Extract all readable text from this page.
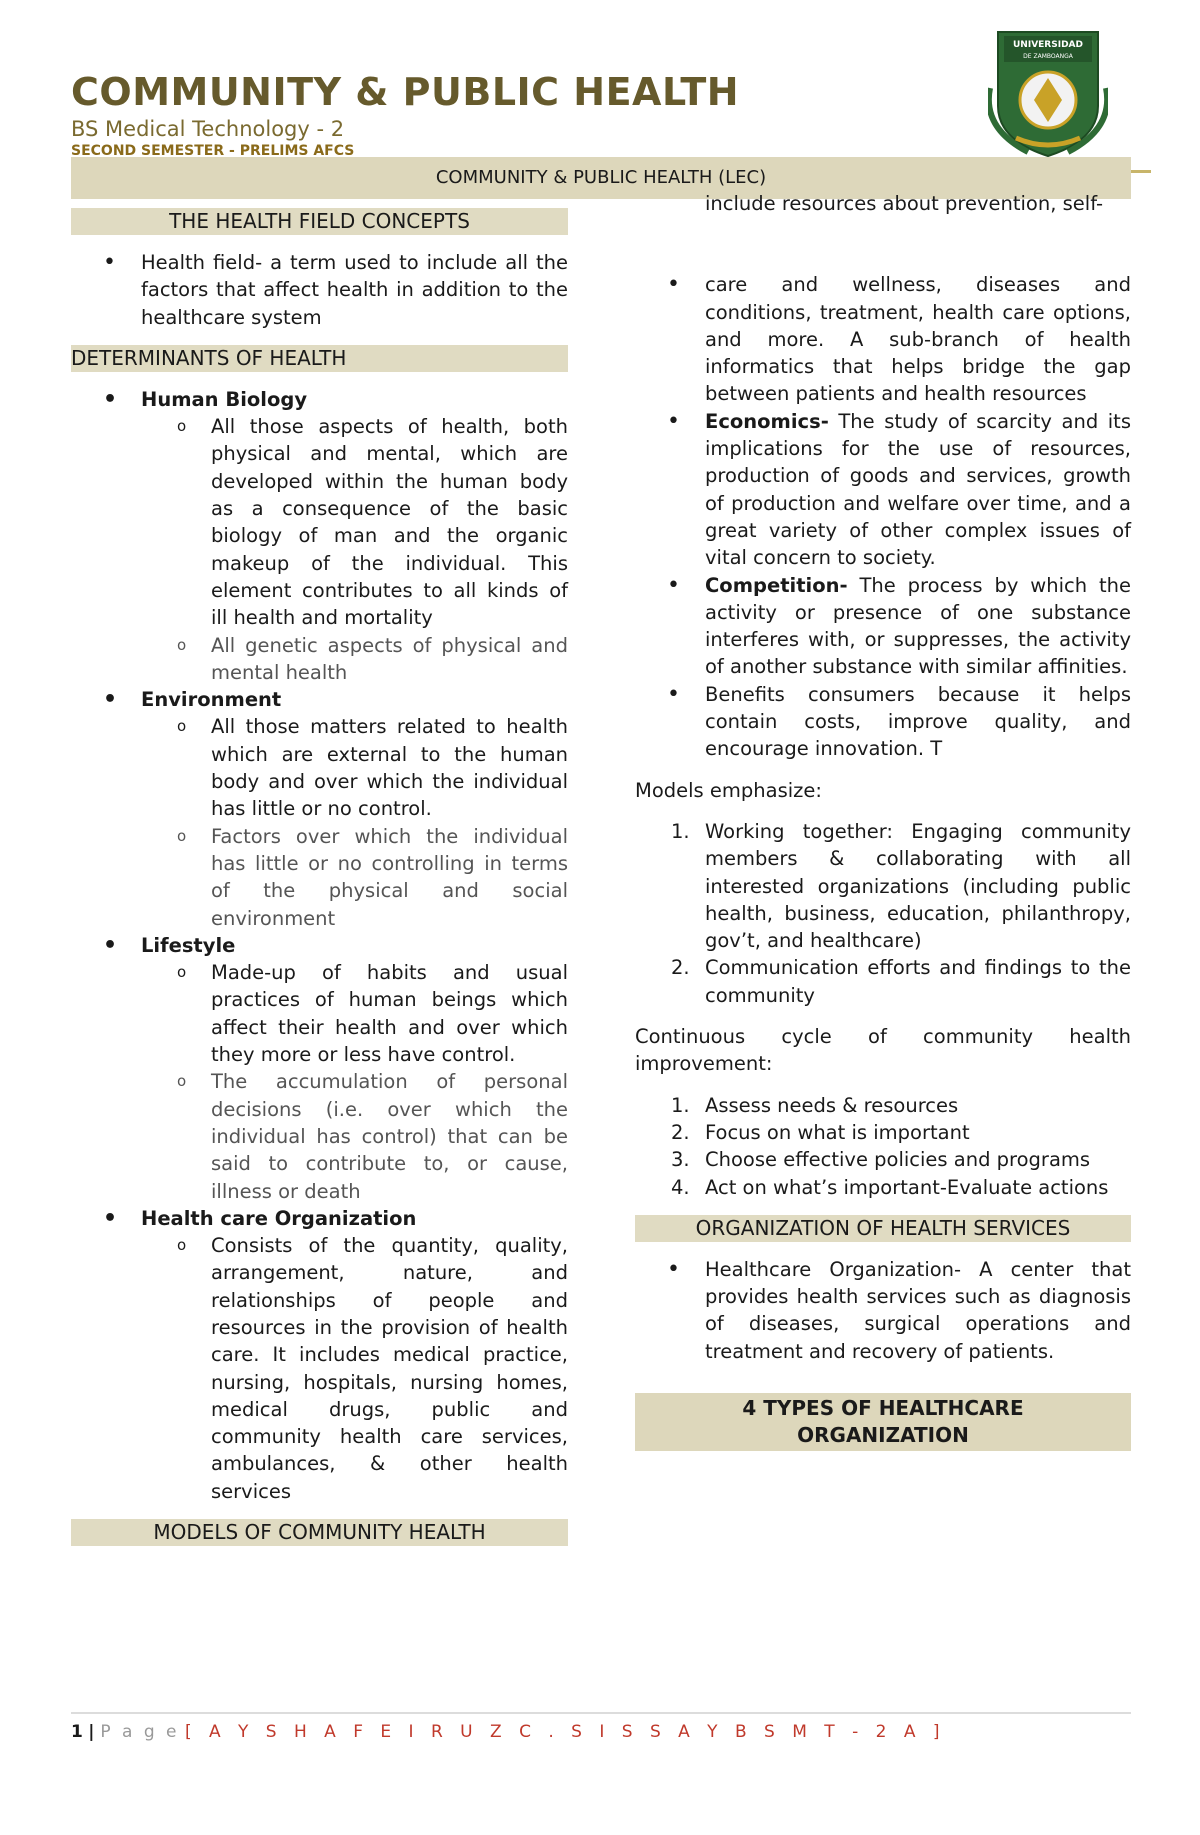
COMMUNITY & PUBLIC HEALTH
BS Medical Technology - 2
SECOND SEMESTER - PRELIMS AFCS
UNIVERSIDAD
DE ZAMBOANGA
COMMUNITY & PUBLIC HEALTH (LEC)
THE HEALTH FIELD CONCEPTS
• Health field- a term used to include all the factors that affect health in addition to the healthcare system
DETERMINANTS OF HEALTH
• Human Biology
o All those aspects of health, both physical and mental, which are developed within the human body as a consequence of the basic biology of man and the organic makeup of the individual. This element contributes to all kinds of ill health and mortality
o All genetic aspects of physical and mental health
• Environment
o All those matters related to health which are external to the human body and over which the individual has little or no control.
o Factors over which the individual has little or no controlling in terms of the physical and social environment
• Lifestyle
o Made-up of habits and usual practices of human beings which affect their health and over which they more or less have control.
o The accumulation of personal decisions (i.e. over which the individual has control) that can be said to contribute to, or cause, illness or death
• Health care Organization
o Consists of the quantity, quality, arrangement, nature, and relationships of people and resources in the provision of health care. It includes medical practice, nursing, hospitals, nursing homes, medical drugs, public and community health care services, ambulances, & other health services
MODELS OF COMMUNITY HEALTH
include resources about prevention, self-
• care and wellness, diseases and conditions, treatment, health care options, and more. A sub-branch of health informatics that helps bridge the gap between patients and health resources
• Economics- The study of scarcity and its implications for the use of resources, production of goods and services, growth of production and welfare over time, and a great variety of other complex issues of vital concern to society.
• Competition- The process by which the activity or presence of one substance interferes with, or suppresses, the activity of another substance with similar affinities.
• Benefits consumers because it helps contain costs, improve quality, and encourage innovation. T

Models emphasize:

1. Working together: Engaging community members & collaborating with all interested organizations (including public health, business, education, philanthropy, gov’t, and healthcare)
2. Communication efforts and findings to the community

Continuous cycle of community health improvement:

1. Assess needs & resources
2. Focus on what is important
3. Choose effective policies and programs
4. Act on what’s important-Evaluate actions
ORGANIZATION OF HEALTH SERVICES
• Healthcare Organization- A center that provides health services such as diagnosis of diseases, surgical operations and treatment and recovery of patients.
4 TYPES OF HEALTHCARE
ORGANIZATION
1 | P a g e [ A Y S H A F E I R U Z C . S I S S A Y B S M T - 2 A ]
